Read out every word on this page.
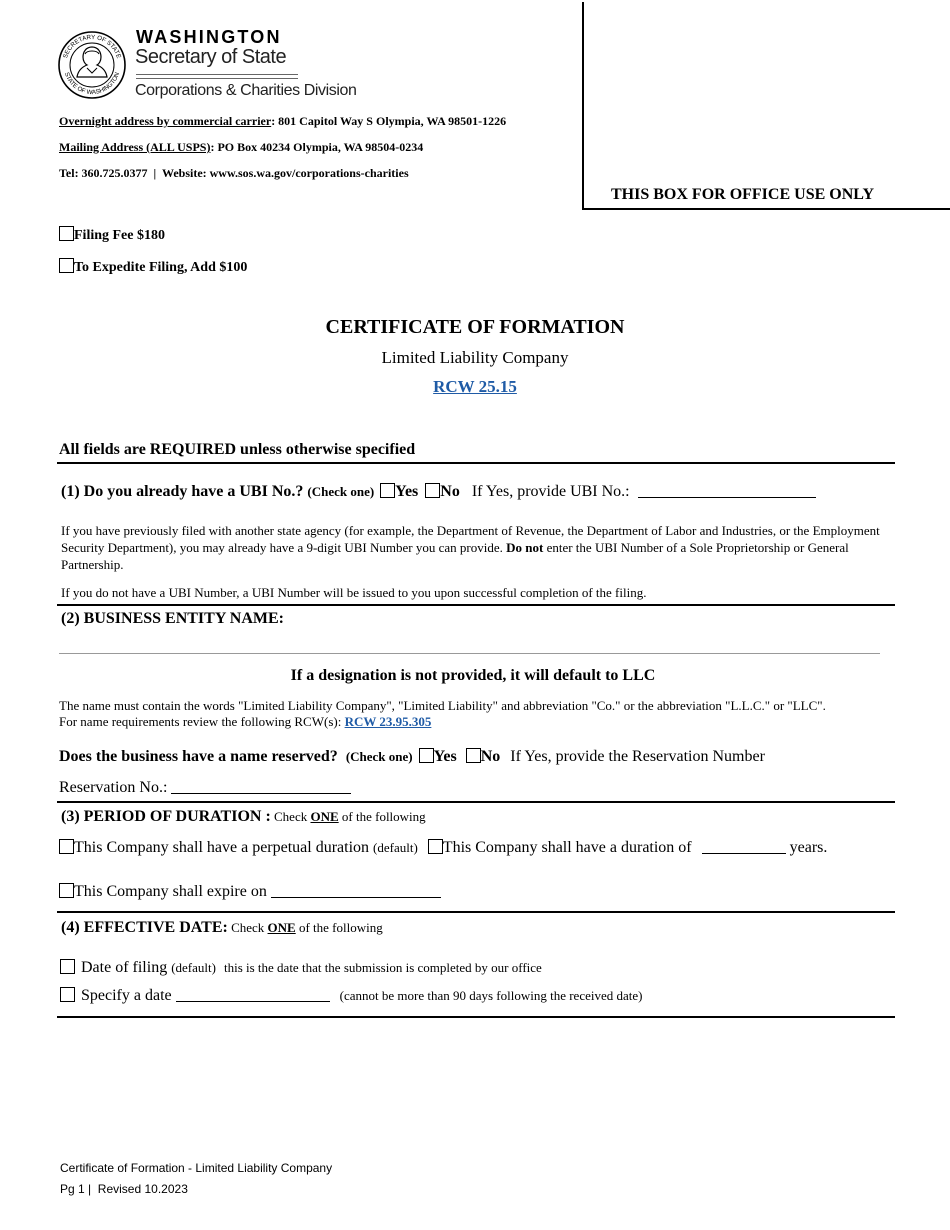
SECRETARY OF STATE
STATE OF WASHINGTON
WASHINGTON
Secretary of State
Corporations & Charities Division
Overnight address by commercial carrier: 801 Capitol Way S Olympia, WA 98501-1226
Mailing Address (ALL USPS): PO Box 40234 Olympia, WA 98504-0234
Tel: 360.725.0377  |  Website: www.sos.wa.gov/corporations-charities
THIS BOX FOR OFFICE USE ONLY
Filing Fee $180
To Expedite Filing, Add $100
CERTIFICATE OF FORMATION
Limited Liability Company
RCW 25.15
All fields are REQUIRED unless otherwise specified
(1) Do you already have a UBI No.? (Check one) Yes No If Yes, provide UBI No.:
If you have previously filed with another state agency (for example, the Department of Revenue, the Department of Labor and Industries, or the Employment Security Department), you may already have a 9-digit UBI Number you can provide. Do not enter the UBI Number of a Sole Proprietorship or General Partnership.
If you do not have a UBI Number, a UBI Number will be issued to you upon successful completion of the filing.
(2) BUSINESS ENTITY NAME:
If a designation is not provided, it will default to LLC
The name must contain the words "Limited Liability Company", "Limited Liability" and abbreviation "Co." or the abbreviation "L.L.C." or "LLC".
For name requirements review the following RCW(s): RCW 23.95.305
Does the business have a name reserved? (Check one) Yes No If Yes, provide the Reservation Number
Reservation No.:
(3) PERIOD OF DURATION : Check ONE of the following
This Company shall have a perpetual duration (default) This Company shall have a duration of	years.
This Company shall expire on
(4) EFFECTIVE DATE: Check ONE of the following
Date of filing (default) this is the date that the submission is completed by our office
Specify a date	(cannot be more than 90 days following the received date)
Certificate of Formation - Limited Liability Company
Pg 1 |  Revised 10.2023
